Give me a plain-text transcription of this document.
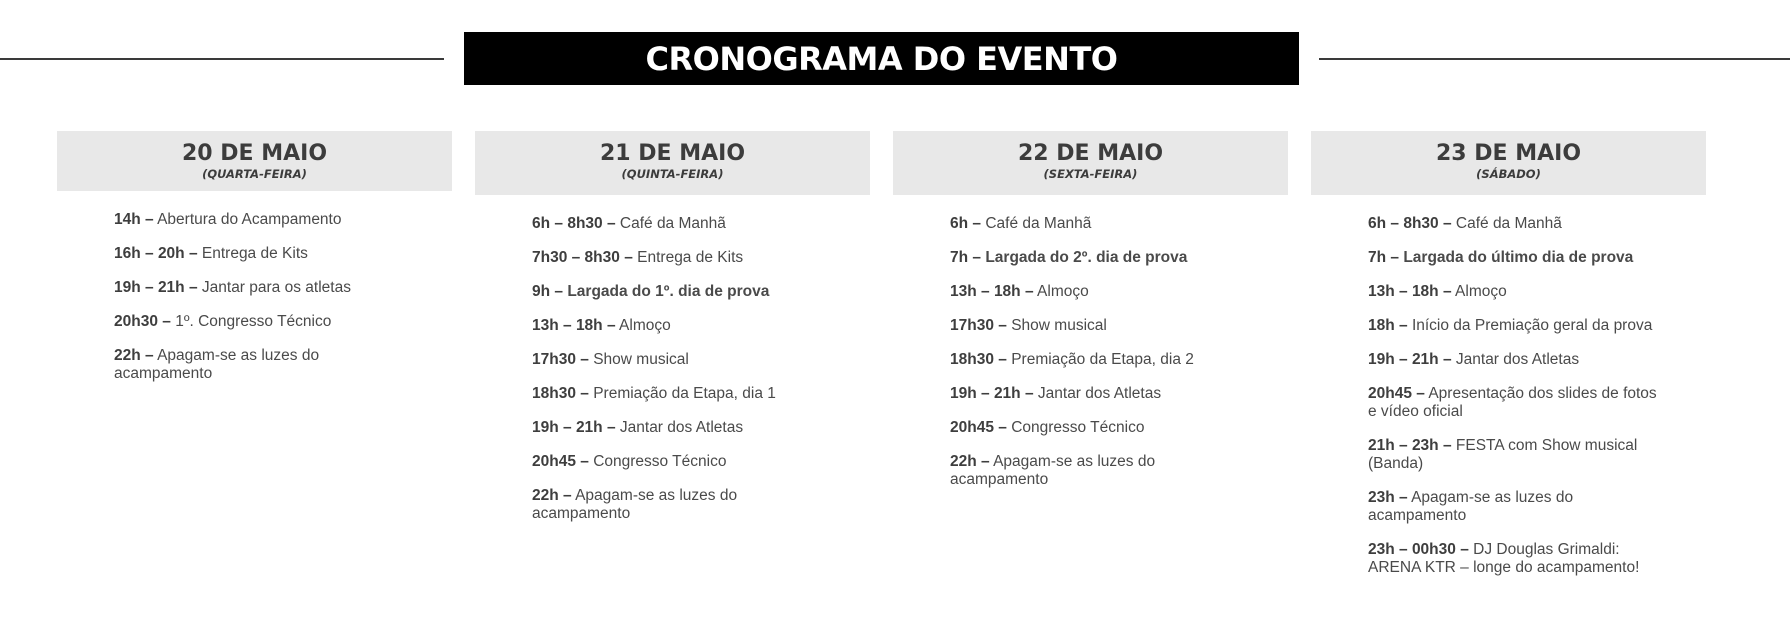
CRONOGRAMA DO EVENTO
20 DE MAIO
(QUARTA-FEIRA)
14h – Abertura do Acampamento
16h – 20h – Entrega de Kits
19h – 21h – Jantar para os atletas
20h30 – 1º. Congresso Técnico
22h – Apagam-se as luzes do acampamento
21 DE MAIO
(QUINTA-FEIRA)
6h – 8h30 – Café da Manhã
7h30 – 8h30 – Entrega de Kits
9h – Largada do 1º. dia de prova
13h – 18h – Almoço
17h30 – Show musical
18h30 – Premiação da Etapa, dia 1
19h – 21h – Jantar dos Atletas
20h45 – Congresso Técnico
22h – Apagam-se as luzes do acampamento
22 DE MAIO
(SEXTA-FEIRA)
6h – Café da Manhã
7h – Largada do 2º. dia de prova
13h – 18h – Almoço
17h30 – Show musical
18h30 – Premiação da Etapa, dia 2
19h – 21h – Jantar dos Atletas
20h45 – Congresso Técnico
22h – Apagam-se as luzes do acampamento
23 DE MAIO
(SÁBADO)
6h – 8h30 – Café da Manhã
7h – Largada do último dia de prova
13h – 18h – Almoço
18h – Início da Premiação geral da prova
19h – 21h – Jantar dos Atletas
20h45 – Apresentação dos slides de fotos e vídeo oficial
21h – 23h – FESTA com Show musical (Banda)
23h – Apagam-se as luzes do acampamento
23h – 00h30 – DJ Douglas Grimaldi: ARENA KTR – longe do acampamento!
